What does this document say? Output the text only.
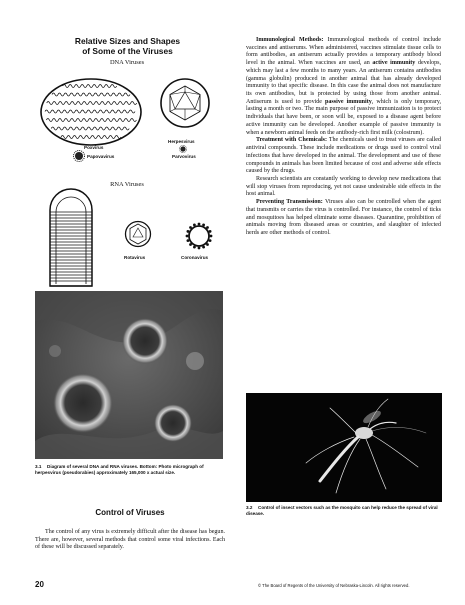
Relative Sizes and Shapes
of Some of the Viruses
DNA Viruses
Poxvirus
Herpesvirus
Papovavirus	Parvovirus
RNA Viruses
Rotavirus	Coronavirus
3.1 Diagram of several DNA and RNA viruses. Bottom: Photo micrograph of herpesvirus (pseudorabies) approximately 165,000 x actual size.
Control of Viruses

The control of any virus is extremely difficult after the disease has begun. There are, however, several methods that control some viral infections. Each of these will be discussed separately.

Immunological Methods: Immunological methods of control include vaccines and antiserums. When administered, vaccines stimulate tissue cells to form antibodies, an antiserum actually provides a temporary antibody blood level in the animal. When vaccines are used, an active immunity develops, which may last a few months to many years. An antiserum contains antibodies (gamma globulin) produced in another animal that has already developed immunity to that specific disease. In this case the animal does not manufacture its own antibodies, but is protected by using those from another animal. Antiserum is used to provide passive immunity, which is only temporary, lasting a month or two. The main purpose of passive immunization is to protect individuals that have been, or soon will be, exposed to a disease agent before active immunity can be developed. Another example of passive immunity is when a newborn animal feeds on the antibody-rich first milk (colostrum).

Treatment with Chemicals: The chemicals used to treat viruses are called antiviral compounds. These include medications or drugs used to control viral infections that have developed in the animal. The development and use of these compounds in animals has been limited because of cost and adverse side effects caused by the drugs.

Research scientists are constantly working to develop new medications that will stop viruses from reproducing, yet not cause undesirable side effects in the host animal.

Preventing Transmission: Viruses also can be controlled when the agent that transmits or carries the virus is controlled. For instance, the control of ticks and mosquitoes has helped eliminate some diseases. Quarantine, prohibition of animals moving from diseased areas or countries, and slaughter of infected herds are other methods of control.

3.2 Control of insect vectors such as the mosquito can help reduce the spread of viral disease.
20	© The Board of Regents of the University of Nebraska-Lincoln. All rights reserved.
